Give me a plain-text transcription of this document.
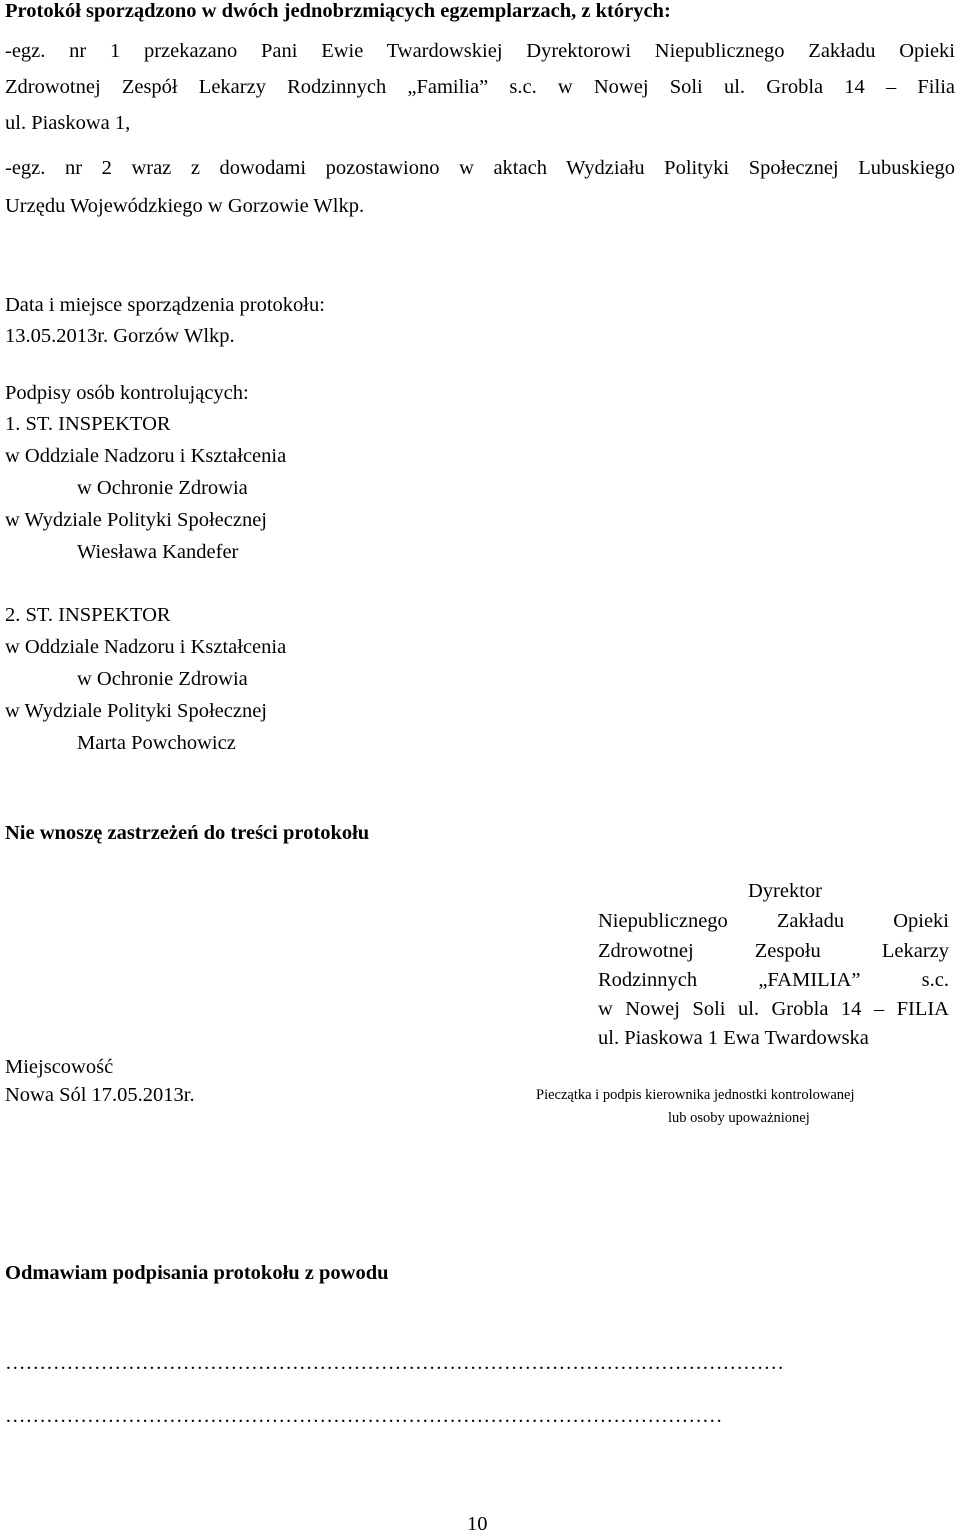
Protokół sporządzono w dwóch jednobrzmiących egzemplarzach, z których:
-egz. nr 1 przekazano Pani Ewie Twardowskiej Dyrektorowi Niepublicznego Zakładu Opieki
Zdrowotnej Zespół Lekarzy Rodzinnych „Familia” s.c. w Nowej Soli ul. Grobla 14 – Filia
ul. Piaskowa 1,
-egz. nr 2 wraz z dowodami pozostawiono w aktach Wydziału Polityki Społecznej Lubuskiego
Urzędu Wojewódzkiego w Gorzowie Wlkp.
Data i miejsce sporządzenia protokołu:
13.05.2013r. Gorzów Wlkp.
Podpisy osób kontrolujących:
1. ST. INSPEKTOR
w Oddziale Nadzoru i Kształcenia
w Ochronie Zdrowia
w Wydziale Polityki Społecznej
Wiesława Kandefer
2. ST. INSPEKTOR
w Oddziale Nadzoru i Kształcenia
w Ochronie Zdrowia
w Wydziale Polityki Społecznej
Marta Powchowicz
Nie wnoszę zastrzeżeń do treści protokołu
Dyrektor
Niepublicznego Zakładu Opieki
Zdrowotnej Zespołu Lekarzy
Rodzinnych „FAMILIA” s.c.
w Nowej Soli ul. Grobla 14 – FILIA
ul. Piaskowa 1 Ewa Twardowska
Miejscowość
Nowa Sól 17.05.2013r.	Pieczątka i podpis kierownika jednostki kontrolowanej
lub osoby upoważnionej
Odmawiam podpisania protokołu z powodu
……………………………………………………………………………………………………
……………………………………………………………………………………………
10
